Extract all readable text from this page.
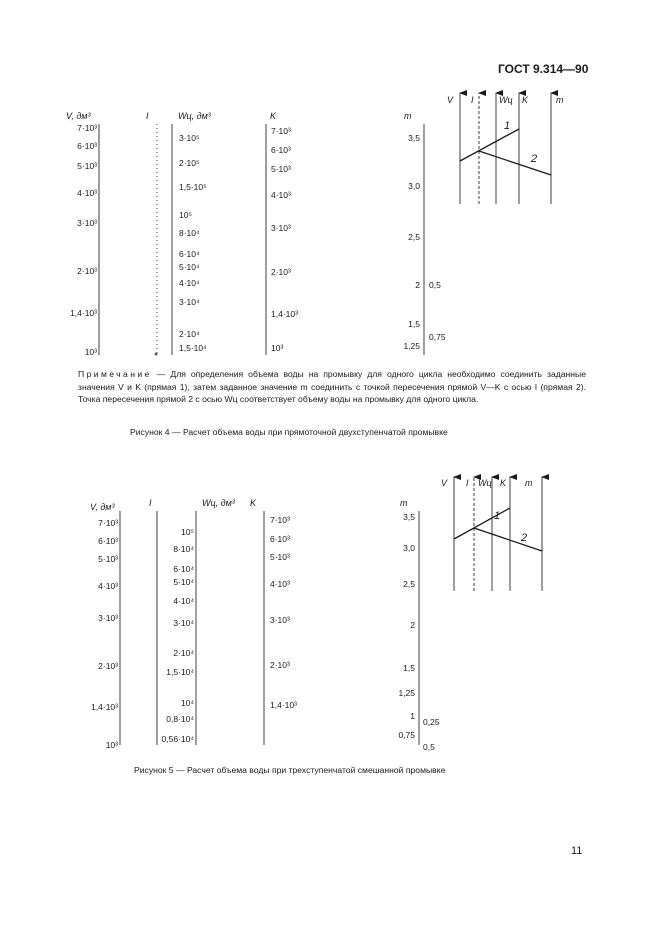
ГОСТ 9.314—90
V, дм³
7·10³
6·10³
5·10³
4·10³
3·10³
2·10³
1,4·10³
10³
I	Wц, дм³
3·10⁵
2·10⁵
1,5·10⁵
10⁵
8·10⁴
6·10⁴
5·10⁴
4·10⁴
3·10⁴
2·10⁴
1,5·10⁴
K
7·10³
6·10³
5·10³
4·10³
3·10³
2·10³
1,4·10³
10³
m
3,5
3,0
2,5
2
1,5
1,25
0,5
0,75
V I	Wц K	m
1
2
V, дм³
7·10³
6·10³
5·10³
4·10³
3·10³
2·10³
1,4·10³
10³
I	Wц, дм³
10⁵
8·10⁴
6·10⁴
5·10⁴
4·10⁴
3·10⁴
2·10⁴
1,5·10⁴
10⁴
0,8·10⁴
0,56·10⁴
K
7·10³
6·10³
5·10³
4·10³
3·10³
2·10³
1,4·10³
m
3,5
3,0
2,5
2
1,5
1,25
1
0,75
0,25
0,5
V I Wц K m
1
2
Примечание — Для определения объема воды на промывку для одного цикла необходимо соединить заданные значения V и K (прямая 1), затем заданное значение m соединить с точкой пересечения прямой V—K с осью I (прямая 2). Точка пересечения прямой 2 с осью Wц соответствует объему воды на промывку для одного цикла.
Рисунок 4 — Расчет объема воды при прямоточной двухступенчатой промывке
Рисунок 5 — Расчет объема воды при трехступенчатой смешанной промывке
11
